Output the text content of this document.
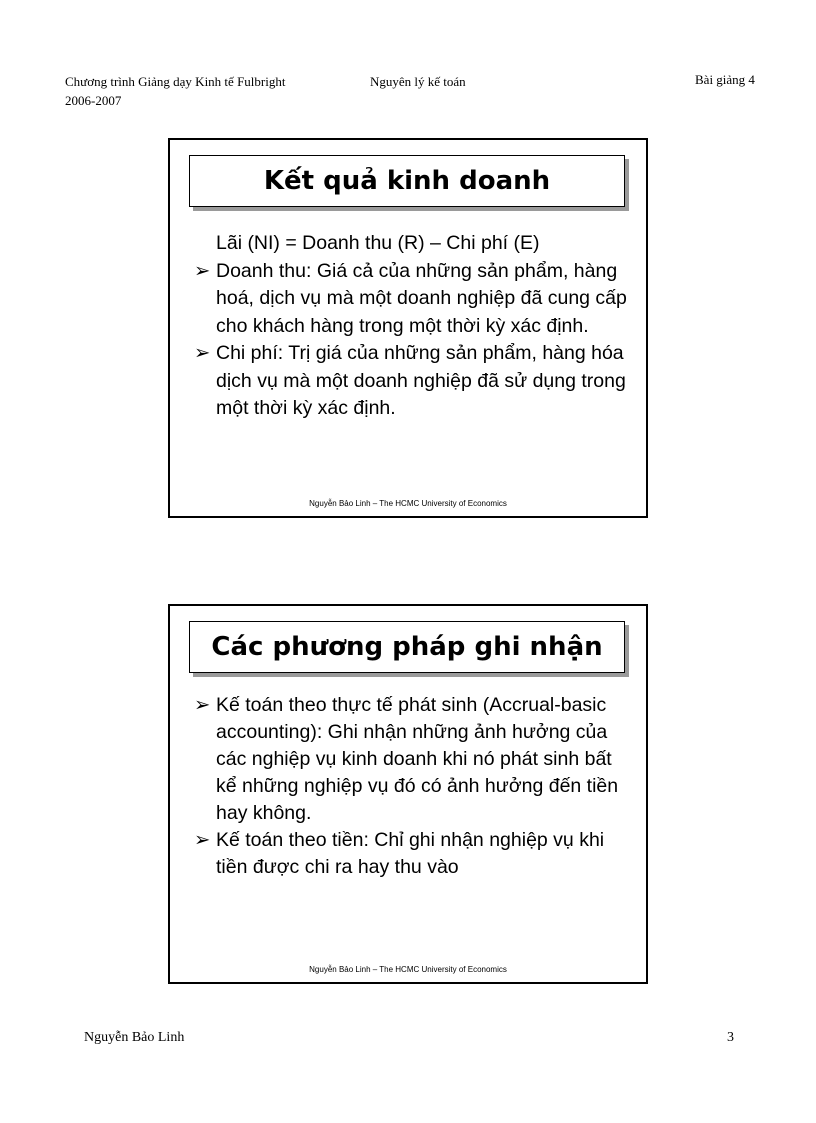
Chương trình Giảng dạy Kinh tế Fulbright
2006-2007
Nguyên lý kế toán	Bài giảng 4
Kết quả kinh doanh
Lãi (NI) = Doanh thu (R) – Chi phí (E)
➢ Doanh thu: Giá cả của những sản phẩm, hàng hoá, dịch vụ mà một doanh nghiệp đã cung cấp cho khách hàng trong một thời kỳ xác định.
➢ Chi phí: Trị giá của những sản phẩm, hàng hóa dịch vụ mà một doanh nghiệp đã sử dụng trong một thời kỳ xác định.
Nguyễn Bảo Linh – The HCMC University of Economics
Các phương pháp ghi nhận
➢ Kế toán theo thực tế phát sinh (Accrual-basic accounting): Ghi nhận những ảnh hưởng của các nghiệp vụ kinh doanh khi nó phát sinh bất kể những nghiệp vụ đó có ảnh hưởng đến tiền hay không.
➢ Kế toán theo tiền: Chỉ ghi nhận nghiệp vụ khi tiền được chi ra hay thu vào
Nguyễn Bảo Linh – The HCMC University of Economics
Nguyễn Bảo Linh	3
